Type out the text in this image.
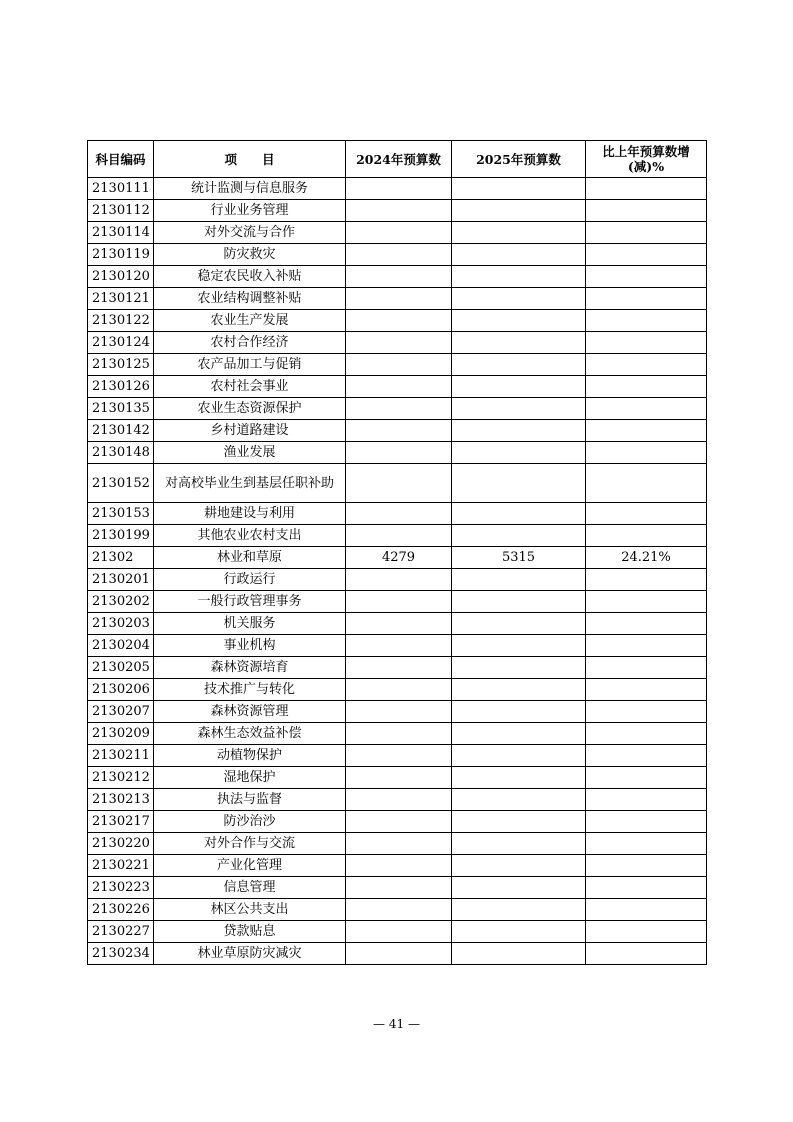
科目编码	项　　目	2024年预算数	2025年预算数	比上年预算数增(减)%
2130111	统计监测与信息服务			
2130112	行业业务管理			
2130114	对外交流与合作			
2130119	防灾救灾			
2130120	稳定农民收入补贴			
2130121	农业结构调整补贴			
2130122	农业生产发展			
2130124	农村合作经济			
2130125	农产品加工与促销			
2130126	农村社会事业			
2130135	农业生态资源保护			
2130142	乡村道路建设			
2130148	渔业发展			
2130152	对高校毕业生到基层任职补助			
2130153	耕地建设与利用			
2130199	其他农业农村支出			
21302	林业和草原	4279	5315	24.21%
2130201	行政运行			
2130202	一般行政管理事务			
2130203	机关服务			
2130204	事业机构			
2130205	森林资源培育			
2130206	技术推广与转化			
2130207	森林资源管理			
2130209	森林生态效益补偿			
2130211	动植物保护			
2130212	湿地保护			
2130213	执法与监督			
2130217	防沙治沙			
2130220	对外合作与交流			
2130221	产业化管理			
2130223	信息管理			
2130226	林区公共支出			
2130227	贷款贴息			
2130234	林业草原防灾减灾			
— 41 —
